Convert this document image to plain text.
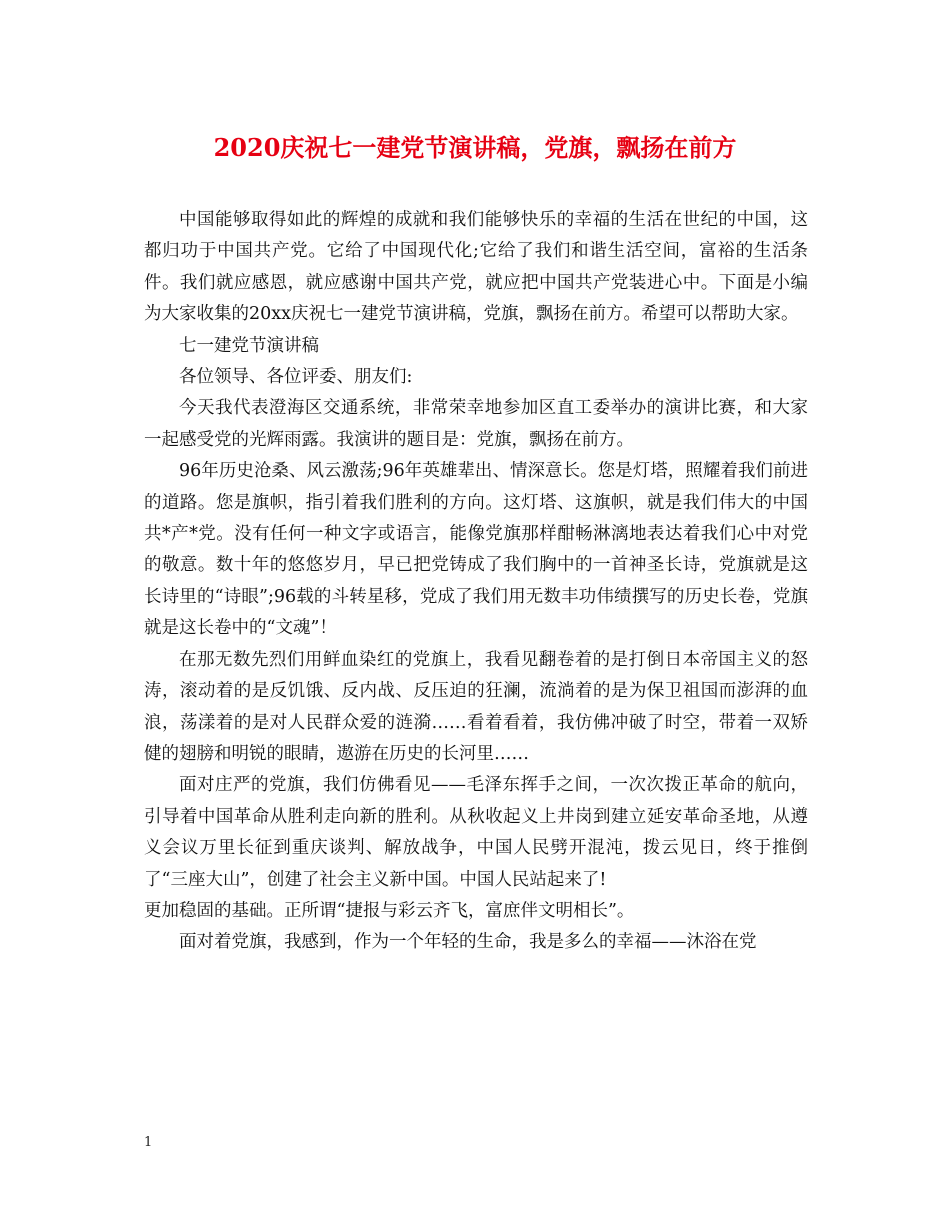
2020庆祝七一建党节演讲稿，党旗，飘扬在前方

中国能够取得如此的辉煌的成就和我们能够快乐的幸福的生活在世纪的中国，这都归功于中国共产党。它给了中国现代化;它给了我们和谐生活空间，富裕的生活条件。我们就应感恩，就应感谢中国共产党，就应把中国共产党装进心中。下面是小编为大家收集的20xx庆祝七一建党节演讲稿，党旗，飘扬在前方。希望可以帮助大家。

七一建党节演讲稿

各位领导、各位评委、朋友们:

今天我代表澄海区交通系统，非常荣幸地参加区直工委举办的演讲比赛，和大家一起感受党的光辉雨露。我演讲的题目是：党旗，飘扬在前方。

96年历史沧桑、风云激荡;96年英雄辈出、情深意长。您是灯塔，照耀着我们前进的道路。您是旗帜，指引着我们胜利的方向。这灯塔、这旗帜，就是我们伟大的中国共*产*党。没有任何一种文字或语言，能像党旗那样酣畅淋漓地表达着我们心中对党的敬意。数十年的悠悠岁月，早已把党铸成了我们胸中的一首神圣长诗，党旗就是这长诗里的“诗眼”;96载的斗转星移，党成了我们用无数丰功伟绩撰写的历史长卷，党旗就是这长卷中的“文魂”！

在那无数先烈们用鲜血染红的党旗上，我看见翻卷着的是打倒日本帝国主义的怒涛，滚动着的是反饥饿、反内战、反压迫的狂澜，流淌着的是为保卫祖国而澎湃的血浪，荡漾着的是对人民群众爱的涟漪……看着看着，我仿佛冲破了时空，带着一双矫健的翅膀和明锐的眼睛，遨游在历史的长河里……

面对庄严的党旗，我们仿佛看见——毛泽东挥手之间，一次次拨正革命的航向，引导着中国革命从胜利走向新的胜利。从秋收起义上井岗到建立延安革命圣地，从遵义会议万里长征到重庆谈判、解放战争，中国人民劈开混沌，拨云见日，终于推倒了“三座大山”，创建了社会主义新中国。中国人民站起来了!

更加稳固的基础。正所谓“捷报与彩云齐飞，富庶伴文明相长”。

面对着党旗，我感到，作为一个年轻的生命，我是多么的幸福——沐浴在党

1
